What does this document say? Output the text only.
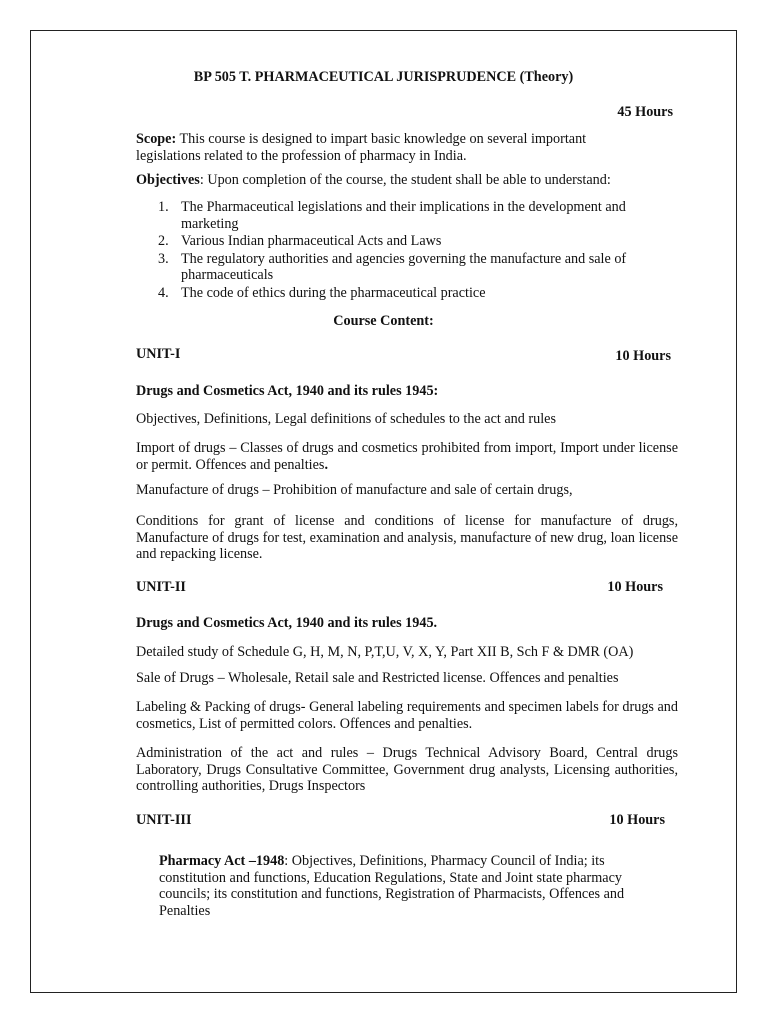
BP 505 T. PHARMACEUTICAL JURISPRUDENCE (Theory)
45 Hours
Scope: This course is designed to impart basic knowledge on several important legislations related to the profession of pharmacy in India.
Objectives: Upon completion of the course, the student shall be able to understand:
1. The Pharmaceutical legislations and their implications in the development and marketing
2. Various Indian pharmaceutical Acts and Laws
3. The regulatory authorities and agencies governing the manufacture and sale of pharmaceuticals
4. The code of ethics during the pharmaceutical practice
Course Content:
UNIT-I	10 Hours
Drugs and Cosmetics Act, 1940 and its rules 1945:
Objectives, Definitions, Legal definitions of schedules to the act and rules
Import of drugs – Classes of drugs and cosmetics prohibited from import, Import under license or permit. Offences and penalties.
Manufacture of drugs – Prohibition of manufacture and sale of certain drugs,
Conditions for grant of license and conditions of license for manufacture of drugs, Manufacture of drugs for test, examination and analysis, manufacture of new drug, loan license and repacking license.
UNIT-II	10 Hours
Drugs and Cosmetics Act, 1940 and its rules 1945.
Detailed study of Schedule G, H, M, N, P,T,U, V, X, Y, Part XII B, Sch F & DMR (OA)
Sale of Drugs – Wholesale, Retail sale and Restricted license. Offences and penalties
Labeling & Packing of drugs- General labeling requirements and specimen labels for drugs and cosmetics, List of permitted colors. Offences and penalties.
Administration of the act and rules – Drugs Technical Advisory Board, Central drugs Laboratory, Drugs Consultative Committee, Government drug analysts, Licensing authorities, controlling authorities, Drugs Inspectors
UNIT-III	10 Hours
Pharmacy Act –1948: Objectives, Definitions, Pharmacy Council of India; its constitution and functions, Education Regulations, State and Joint state pharmacy councils; its constitution and functions, Registration of Pharmacists, Offences and Penalties
